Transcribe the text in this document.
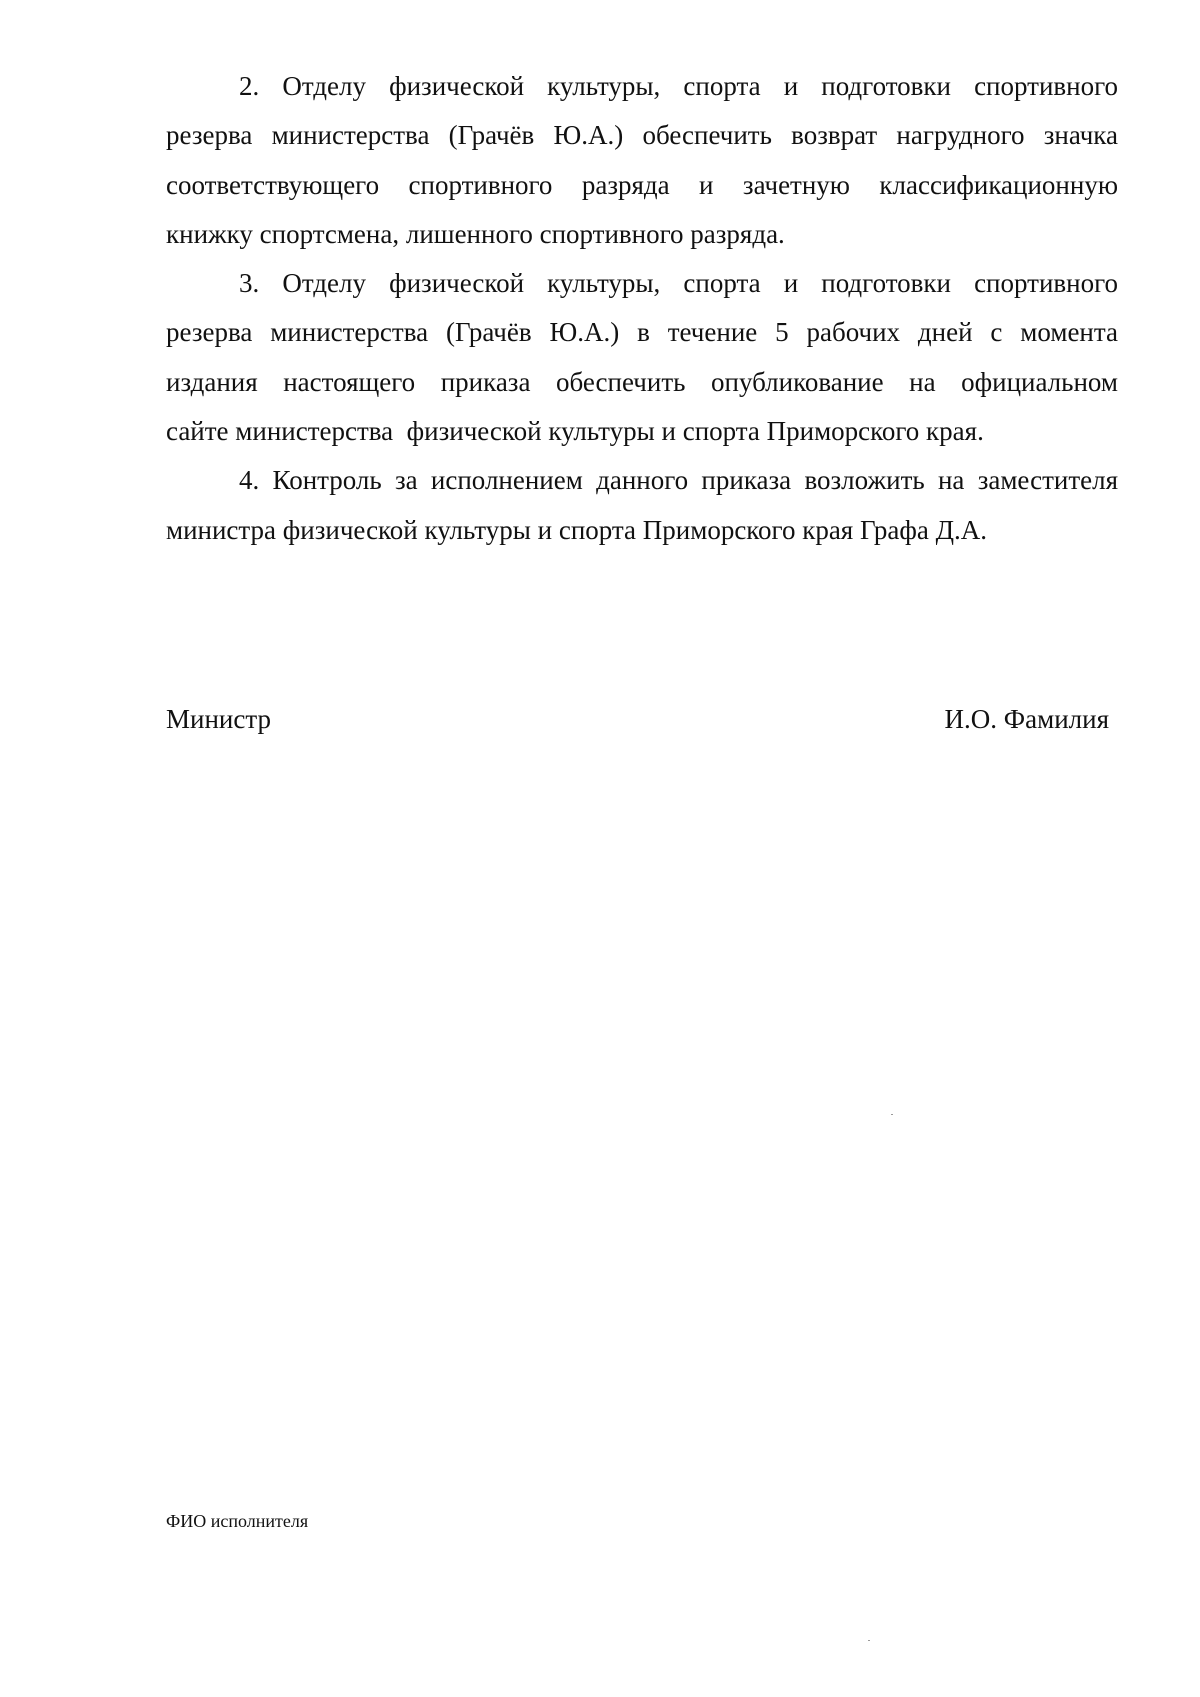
2. Отделу физической культуры, спорта и подготовки спортивного
резерва министерства (Грачёв Ю.А.) обеспечить возврат нагрудного значка
соответствующего спортивного разряда и зачетную классификационную
книжку спортсмена, лишенного спортивного разряда.

3. Отделу физической культуры, спорта и подготовки спортивного
резерва министерства (Грачёв Ю.А.) в течение 5 рабочих дней с момента
издания настоящего приказа обеспечить опубликование на официальном
сайте министерства  физической культуры и спорта Приморского края.

4. Контроль за исполнением данного приказа возложить на заместителя
министра физической культуры и спорта Приморского края Графа Д.А.

Министр	И.О. Фамилия
ФИО исполнителя
